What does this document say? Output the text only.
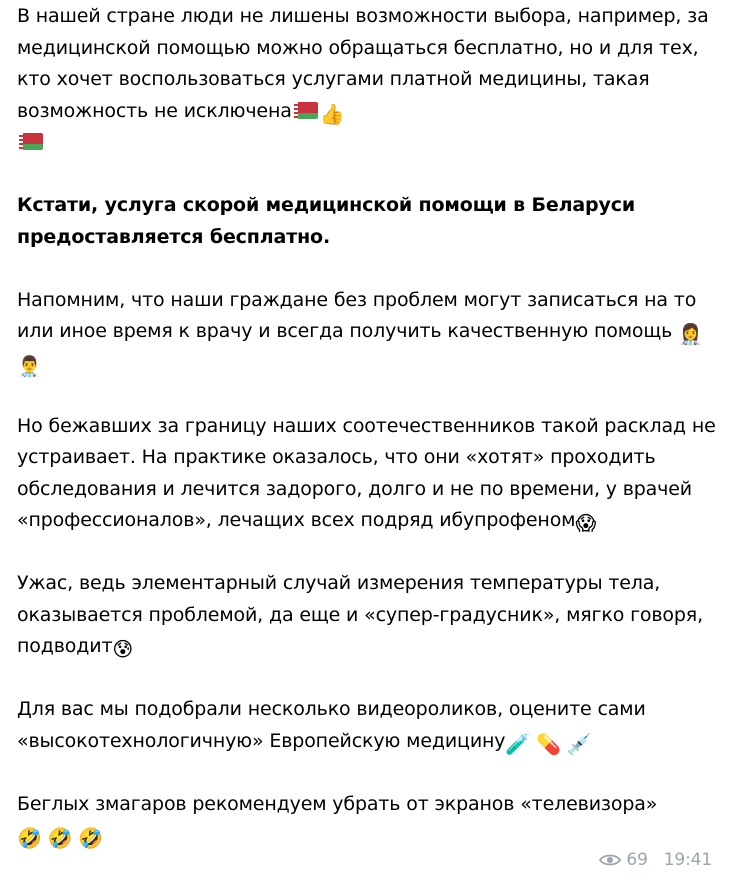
В нашей стране люди не лишены возможности выбора, например, за медицинской помощью можно обращаться бесплатно, но и для тех, кто хочет воспользоваться услугами платной медицины, такая возможность не исключена 👍

Кстати, услуга скорой медицинской помощи в Беларуси предоставляется бесплатно.

Напомним, что наши граждане без проблем могут записаться на то или иное время к врачу и всегда получить качественную помощь 👩‍⚕️ 👨‍⚕️

Но бежавших за границу наших соотечественников такой расклад не устраивает. На практике оказалось, что они «хотят» проходить обследования и лечится задорого, долго и не по времени, у врачей «профессионалов», лечащих всех подряд ибупрофеном😱

Ужас, ведь элементарный случай измерения температуры тела, оказывается проблемой, да еще и «супер-градусник», мягко говоря, подводит😰

Для вас мы подобрали несколько видеороликов, оцените сами «высокотехнологичную» Европейскую медицину🧪 💊 💉

Беглых змагаров рекомендуем убрать от экранов «телевизора»
🤣 🤣 🤣

69 19:41
